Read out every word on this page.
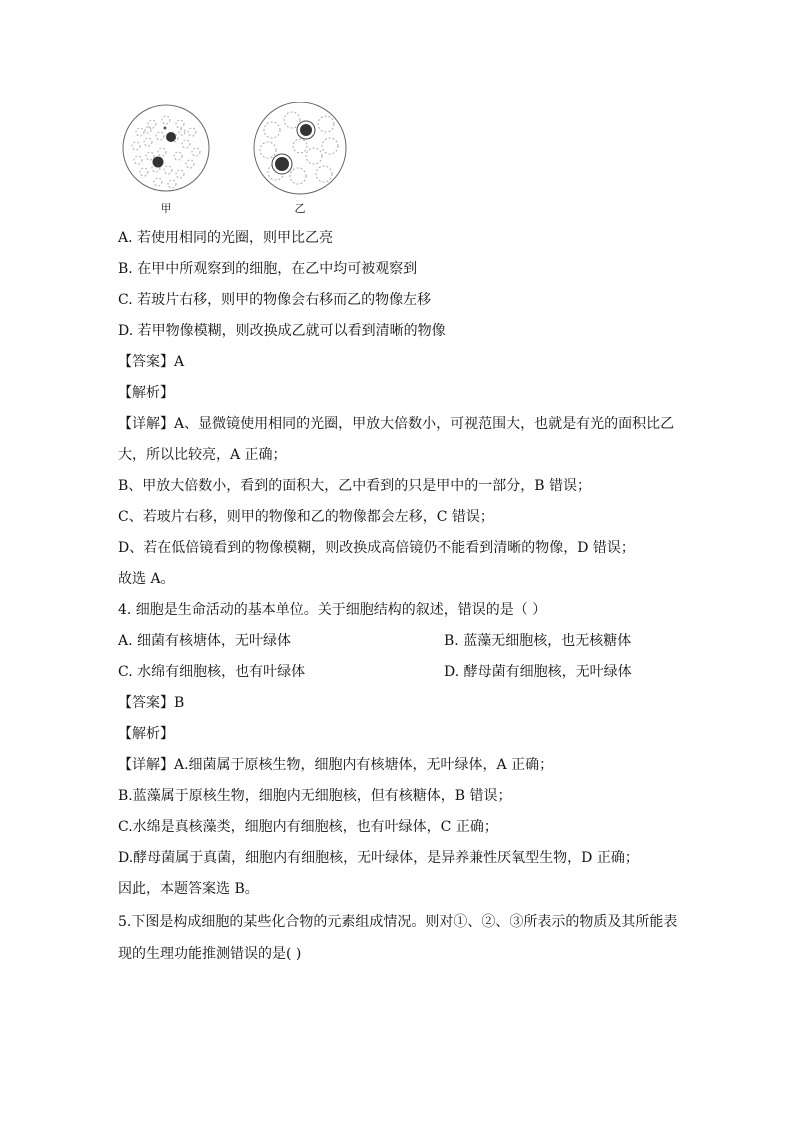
甲	乙
A. 若使用相同的光圈，则甲比乙亮
B. 在甲中所观察到的细胞，在乙中均可被观察到
C. 若玻片右移，则甲的物像会右移而乙的物像左移
D. 若甲物像模糊，则改换成乙就可以看到清晰的物像
【答案】A
【解析】
【详解】A、显微镜使用相同的光圈，甲放大倍数小，可视范围大，也就是有光的面积比乙
大，所以比较亮，A 正确；
B、甲放大倍数小，看到的面积大，乙中看到的只是甲中的一部分，B 错误；
C、若玻片右移，则甲的物像和乙的物像都会左移，C 错误；
D、若在低倍镜看到的物像模糊，则改换成高倍镜仍不能看到清晰的物像，D 错误；
故选 A。
4. 细胞是生命活动的基本单位。关于细胞结构的叙述，错误的是（ ）
A. 细菌有核塘体，无叶绿体	B. 蓝藻无细胞核，也无核糖体
C. 水绵有细胞核，也有叶绿体	D. 酵母菌有细胞核，无叶绿体
【答案】B
【解析】
【详解】A.细菌属于原核生物，细胞内有核塘体，无叶绿体，A 正确；
B.蓝藻属于原核生物，细胞内无细胞核，但有核糖体，B 错误；
C.水绵是真核藻类，细胞内有细胞核，也有叶绿体，C 正确；
D.酵母菌属于真菌，细胞内有细胞核，无叶绿体，是异养兼性厌氧型生物，D 正确；
因此，本题答案选 B。
5.下图是构成细胞的某些化合物的元素组成情况。则对①、②、③所表示的物质及其所能表
现的生理功能推测错误的是( )
